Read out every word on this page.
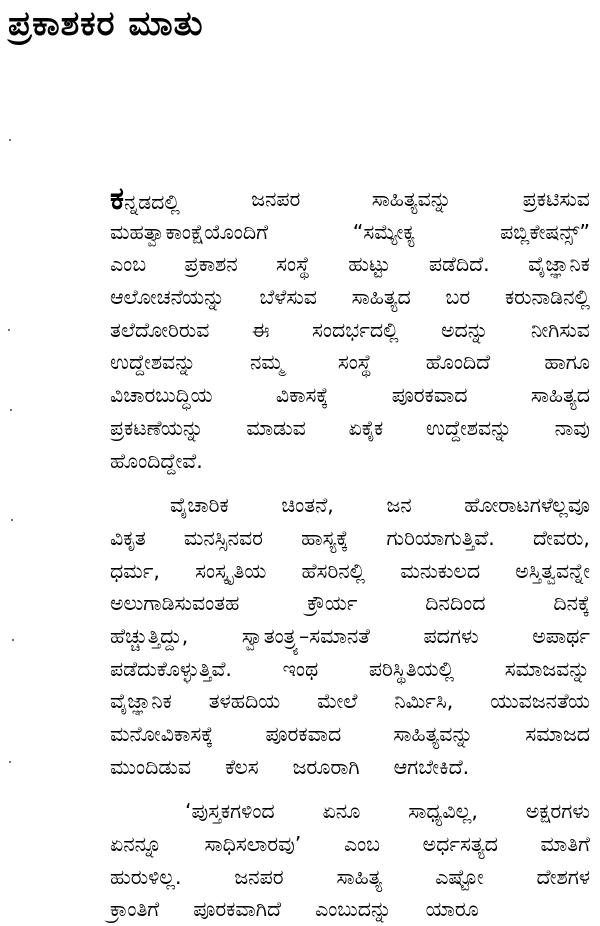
ಪ್ರಕಾಶಕರ ಮಾತು
ಕನ್ನಡದಲ್ಲಿ	ಜನಪರ	ಸಾಹಿತ್ಯವನ್ನು	ಪ್ರಕಟಿಸುವ
ಮಹತ್ವಾಕಾಂಕ್ಷೆಯೊಂದಿಗೆ	“ಸಮ್ಯೇಕ್ಯ	ಪಬ್ಲಿಕೇಷನ್ಸ್”
ಎಂಬ ಪ್ರಕಾಶನ ಸಂಸ್ಥೆ ಹುಟ್ಟು ಪಡೆದಿದೆ. ವೈಜ್ಞಾನಿಕ
ಆಲೋಚನೆಯನ್ನು ಬೆಳೆಸುವ ಸಾಹಿತ್ಯದ ಬರ ಕರುನಾಡಿನಲ್ಲಿ
ತಲೆದೋರಿರುವ ಈ ಸಂದರ್ಭದಲ್ಲಿ ಅದನ್ನು ನೀಗಿಸುವ
ಉದ್ದೇಶವನ್ನು	ನಮ್ಮ	ಸಂಸ್ಥೆ	ಹೊಂದಿದೆ	ಹಾಗೂ
ವಿಚಾರಬುದ್ಧಿಯ	ವಿಕಾಸಕ್ಕೆ	ಪೂರಕವಾದ	ಸಾಹಿತ್ಯದ
ಪ್ರಕಟಣೆಯನ್ನು ಮಾಡುವ ಏಕೈಕ ಉದ್ದೇಶವನ್ನು ನಾವು
ಹೊಂದಿದ್ದೇವೆ.
ವೈಚಾರಿಕ	ಚಿಂತನೆ,	ಜನ	ಹೋರಾಟಗಳೆಲ್ಲವೂ
ವಿಕೃತ ಮನಸ್ಸಿನವರ ಹಾಸ್ಯಕ್ಕೆ ಗುರಿಯಾಗುತ್ತಿವೆ. ದೇವರು,
ಧರ್ಮ, ಸಂಸ್ಕೃತಿಯ ಹೆಸರಿನಲ್ಲಿ ಮನುಕುಲದ ಅಸ್ತಿತ್ವವನ್ನೇ
ಅಲುಗಾಡಿಸುವಂತಹ	ಕ್ರೌರ್ಯ	ದಿನದಿಂದ	ದಿನಕ್ಕೆ
ಹೆಚ್ಚುತ್ತಿದ್ದು,	ಸ್ವಾತಂತ್ರ್ಯ–ಸಮಾನತೆ	ಪದಗಳು	ಅಪಾರ್ಥ
ಪಡೆದುಕೊಳ್ಳುತ್ತಿವೆ. ಇಂಥ ಪರಿಸ್ಥಿತಿಯಲ್ಲಿ ಸಮಾಜವನ್ನು
ವೈಜ್ಞಾನಿಕ ತಳಹದಿಯ ಮೇಲೆ ನಿರ್ಮಿಸಿ, ಯುವಜನತೆಯ
ಮನೋವಿಕಾಸಕ್ಕೆ	ಪೂರಕವಾದ	ಸಾಹಿತ್ಯವನ್ನು	ಸಮಾಜದ
ಮುಂದಿಡುವ ಕೆಲಸ ಜರೂರಾಗಿ ಆಗಬೇಕಿದೆ.
‘ಪುಸ್ತಕಗಳಿಂದ ಏನೂ ಸಾಧ್ಯವಿಲ್ಲ, ಅಕ್ಷರಗಳು
ಏನನ್ನೂ ಸಾಧಿಸಲಾರವು’ ಎಂಬ ಅರ್ಧಸತ್ಯದ ಮಾತಿಗೆ
ಹುರುಳಿಲ್ಲ.	ಜನಪರ	ಸಾಹಿತ್ಯ	ಎಷ್ಟೋ	ದೇಶಗಳ
ಕ್ರಾಂತಿಗೆ ಪೂರಕವಾಗಿದೆ ಎಂಬುದನ್ನು ಯಾರೂ
